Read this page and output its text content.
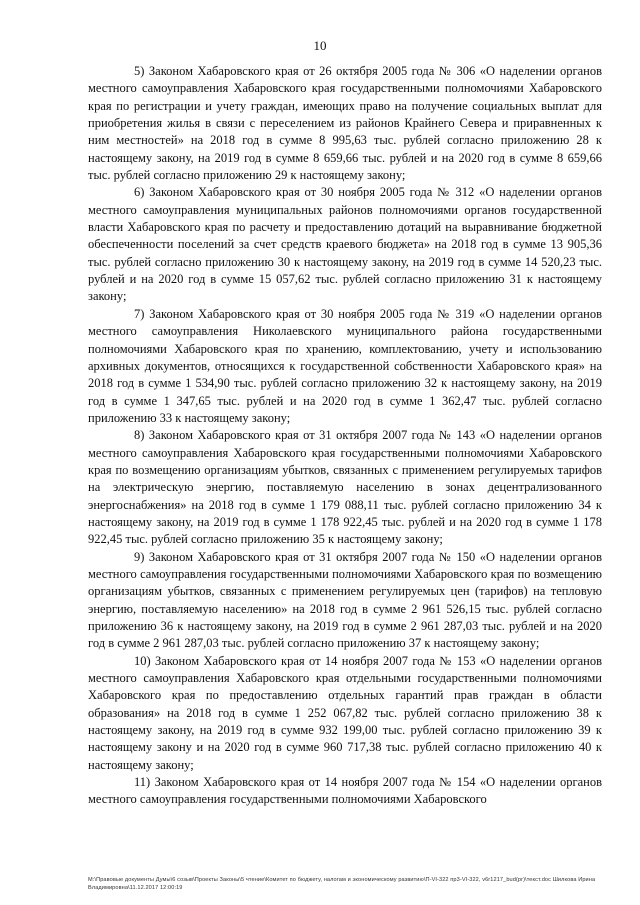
10

5) Законом Хабаровского края от 26 октября 2005 года № 306 «О наделении органов местного самоуправления Хабаровского края государственными полномочиями Хабаровского края по регистрации и учету граждан, имеющих право на получение социальных выплат для приобретения жилья в связи с переселением из районов Крайнего Севера и приравненных к ним местностей» на 2018 год в сумме 8 995,63 тыс. рублей согласно приложению 28 к настоящему закону, на 2019 год в сумме 8 659,66 тыс. рублей и на 2020 год в сумме 8 659,66 тыс. рублей согласно приложению 29 к настоящему закону;

6) Законом Хабаровского края от 30 ноября 2005 года № 312 «О наделении органов местного самоуправления муниципальных районов полномочиями органов государственной власти Хабаровского края по расчету и предоставлению дотаций на выравнивание бюджетной обеспеченности поселений за счет средств краевого бюджета» на 2018 год в сумме 13 905,36 тыс. рублей согласно приложению 30 к настоящему закону, на 2019 год в сумме 14 520,23 тыс. рублей и на 2020 год в сумме 15 057,62 тыс. рублей согласно приложению 31 к настоящему закону;

7) Законом Хабаровского края от 30 ноября 2005 года № 319 «О наделении органов местного самоуправления Николаевского муниципального района государственными полномочиями Хабаровского края по хранению, комплектованию, учету и использованию архивных документов, относящихся к государственной собственности Хабаровского края» на 2018 год в сумме 1 534,90 тыс. рублей согласно приложению 32 к настоящему закону, на 2019 год в сумме 1 347,65 тыс. рублей и на 2020 год в сумме 1 362,47 тыс. рублей согласно приложению 33 к настоящему закону;

8) Законом Хабаровского края от 31 октября 2007 года № 143 «О наделении органов местного самоуправления Хабаровского края государственными полномочиями Хабаровского края по возмещению организациям убытков, связанных с применением регулируемых тарифов на электрическую энергию, поставляемую населению в зонах децентрализованного энергоснабжения» на 2018 год в сумме 1 179 088,11 тыс. рублей согласно приложению 34 к настоящему закону, на 2019 год в сумме 1 178 922,45 тыс. рублей и на 2020 год в сумме 1 178 922,45 тыс. рублей согласно приложению 35 к настоящему закону;

9) Законом Хабаровского края от 31 октября 2007 года № 150 «О наделении органов местного самоуправления государственными полномочиями Хабаровского края по возмещению организациям убытков, связанных с применением регулируемых цен (тарифов) на тепловую энергию, поставляемую населению» на 2018 год в сумме 2 961 526,15 тыс. рублей согласно приложению 36 к настоящему закону, на 2019 год в сумме 2 961 287,03 тыс. рублей и на 2020 год в сумме 2 961 287,03 тыс. рублей согласно приложению 37 к настоящему закону;

10) Законом Хабаровского края от 14 ноября 2007 года № 153 «О наделении органов местного самоуправления Хабаровского края отдельными государственными полномочиями Хабаровского края по предоставлению отдельных гарантий прав граждан в области образования» на 2018 год в сумме 1 252 067,82 тыс. рублей согласно приложению 38 к настоящему закону, на 2019 год в сумме 932 199,00 тыс. рублей согласно приложению 39 к настоящему закону и на 2020 год в сумме 960 717,38 тыс. рублей согласно приложению 40 к настоящему закону;

11) Законом Хабаровского края от 14 ноября 2007 года № 154 «О наделении органов местного самоуправления государственными полномочиями Хабаровского

M:\Правовые документы Думы\6 созыв\Проекты Законы\5 чтение\Комитет по бюджету, налогам и экономическому развитию\П-VI-322 пр3-VI-322, v6r1217_bud(pr)\текст.doc Шилкова Ирина Владимировна\11.12.2017 12:00:19
